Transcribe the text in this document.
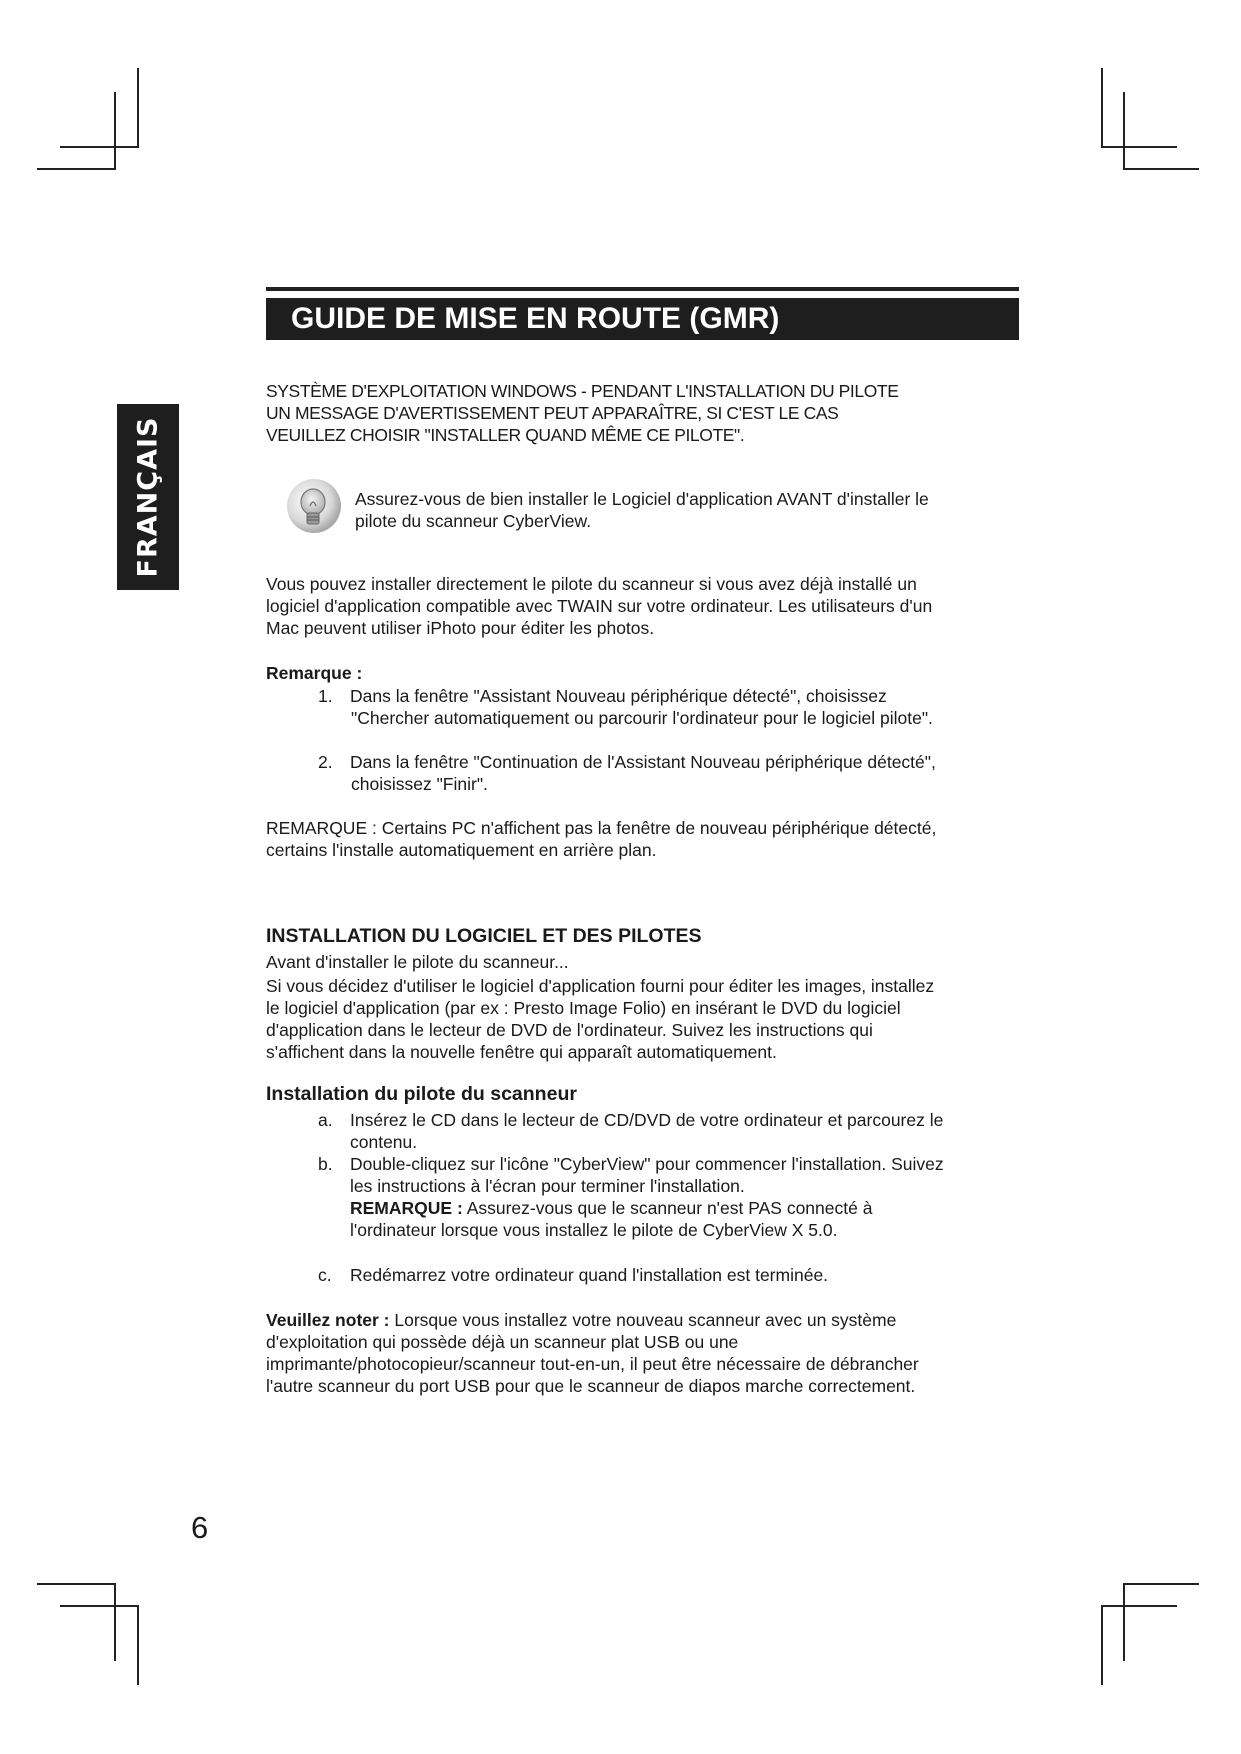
FRANÇAIS
GUIDE DE MISE EN ROUTE (GMR)

SYSTÈME D'EXPLOITATION WINDOWS - PENDANT L'INSTALLATION DU PILOTE
UN MESSAGE D'AVERTISSEMENT PEUT APPARAÎTRE, SI C'EST LE CAS
VEUILLEZ CHOISIR "INSTALLER QUAND MÊME CE PILOTE".

Assurez-vous de bien installer le Logiciel d'application AVANT d'installer le
pilote du scanneur CyberView.

Vous pouvez installer directement le pilote du scanneur si vous avez déjà installé un
logiciel d'application compatible avec TWAIN sur votre ordinateur. Les utilisateurs d'un
Mac peuvent utiliser iPhoto pour éditer les photos.

Remarque :
1. Dans la fenêtre "Assistant Nouveau périphérique détecté", choisissez
"Chercher automatiquement ou parcourir l'ordinateur pour le logiciel pilote".
2. Dans la fenêtre "Continuation de l'Assistant Nouveau périphérique détecté",
choisissez "Finir".

REMARQUE : Certains PC n'affichent pas la fenêtre de nouveau périphérique détecté,
certains l'installe automatiquement en arrière plan.

INSTALLATION DU LOGICIEL ET DES PILOTES

Avant d'installer le pilote du scanneur...

Si vous décidez d'utiliser le logiciel d'application fourni pour éditer les images, installez
le logiciel d'application (par ex : Presto Image Folio) en insérant le DVD du logiciel
d'application dans le lecteur de DVD de l'ordinateur. Suivez les instructions qui
s'affichent dans la nouvelle fenêtre qui apparaît automatiquement.

Installation du pilote du scanneur
a. Insérez le CD dans le lecteur de CD/DVD de votre ordinateur et parcourez le
contenu.
b. Double-cliquez sur l'icône "CyberView" pour commencer l'installation. Suivez
les instructions à l'écran pour terminer l'installation.
REMARQUE : Assurez-vous que le scanneur n'est PAS connecté à
l'ordinateur lorsque vous installez le pilote de CyberView X 5.0.
c.	Redémarrez votre ordinateur quand l'installation est terminée.

Veuillez noter : Lorsque vous installez votre nouveau scanneur avec un système
d'exploitation qui possède déjà un scanneur plat USB ou une
imprimante/photocopieur/scanneur tout-en-un, il peut être nécessaire de débrancher
l'autre scanneur du port USB pour que le scanneur de diapos marche correctement.

6
